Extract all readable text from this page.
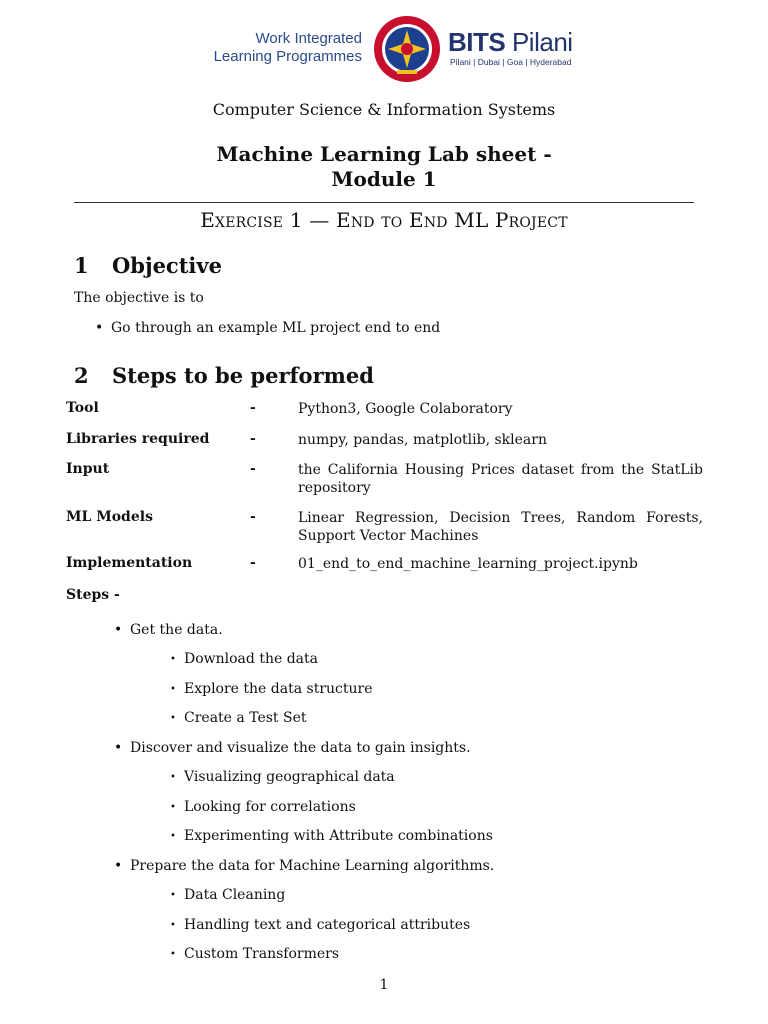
Work Integrated
Learning Programmes	BITS Pilani
Pilani | Dubai | Goa | Hyderabad
Computer Science & Information Systems
Machine Learning Lab sheet -
Module 1
Exercise 1 — End to End ML Project
1 Objective
The objective is to
• Go through an example ML project end to end
2 Steps to be performed
Tool	-	Python3, Google Colaboratory
Libraries required	-	numpy, pandas, matplotlib, sklearn
Input	-	the California Housing Prices dataset from the StatLib repository
ML Models	-	Linear Regression, Decision Trees, Random Forests, Support Vector Machines
Implementation	-	01_end_to_end_machine_learning_project.ipynb
Steps -
• Get the data.
• Download the data
• Explore the data structure
• Create a Test Set
• Discover and visualize the data to gain insights.
• Visualizing geographical data
• Looking for correlations
• Experimenting with Attribute combinations
• Prepare the data for Machine Learning algorithms.
• Data Cleaning
• Handling text and categorical attributes
• Custom Transformers
1
